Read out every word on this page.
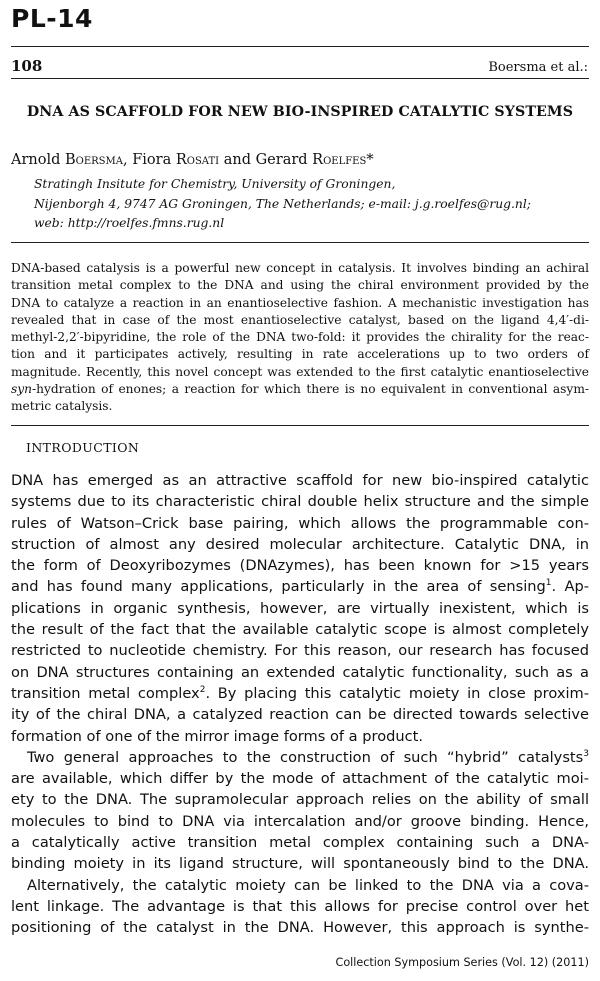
PL-14
108	Boersma et al.:
DNA AS SCAFFOLD FOR NEW BIO-INSPIRED CATALYTIC SYSTEMS
Arnold Boersma, Fiora Rosati and Gerard Roelfes*
Stratingh Insitute for Chemistry, University of Groningen,
Nijenborgh 4, 9747 AG Groningen, The Netherlands; e-mail: j.g.roelfes@rug.nl;
web: http://roelfes.fmns.rug.nl
DNA-based catalysis is a powerful new concept in catalysis. It involves binding an achiral
transition metal complex to the DNA and using the chiral environment provided by the
DNA to catalyze a reaction in an enantioselective fashion. A mechanistic investigation has
revealed that in case of the most enantioselective catalyst, based on the ligand 4,4′-di-
methyl-2,2′-bipyridine, the role of the DNA two-fold: it provides the chirality for the reac-
tion and it participates actively, resulting in rate accelerations up to two orders of
magnitude. Recently, this novel concept was extended to the first catalytic enantioselective
syn-hydration of enones; a reaction for which there is no equivalent in conventional asym-
metric catalysis.
INTRODUCTION
DNA has emerged as an attractive scaffold for new bio-inspired catalytic
systems due to its characteristic chiral double helix structure and the simple
rules of Watson–Crick base pairing, which allows the programmable con-
struction of almost any desired molecular architecture. Catalytic DNA, in
the form of Deoxyribozymes (DNAzymes), has been known for >15 years
and has found many applications, particularly in the area of sensing$^1$. Ap-
plications in organic synthesis, however, are virtually inexistent, which is
the result of the fact that the available catalytic scope is almost completely
restricted to nucleotide chemistry. For this reason, our research has focused
on DNA structures containing an extended catalytic functionality, such as a
transition metal complex$^2$. By placing this catalytic moiety in close proxim-
ity of the chiral DNA, a catalyzed reaction can be directed towards selective
formation of one of the mirror image forms of a product.
Two general approaches to the construction of such “hybrid” catalysts$^3$
are available, which differ by the mode of attachment of the catalytic moi-
ety to the DNA. The supramolecular approach relies on the ability of small
molecules to bind to DNA via intercalation and/or groove binding. Hence,
a catalytically active transition metal complex containing such a DNA-
binding moiety in its ligand structure, will spontaneously bind to the DNA.
Alternatively, the catalytic moiety can be linked to the DNA via a cova-
lent linkage. The advantage is that this allows for precise control over het
positioning of the catalyst in the DNA. However, this approach is synthe-
Collection Symposium Series (Vol. 12) (2011)
